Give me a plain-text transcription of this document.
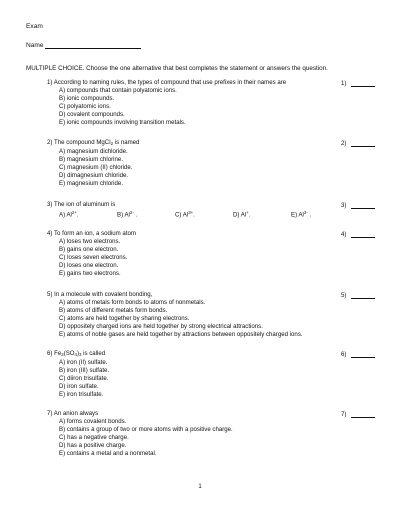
Exam
Name
MULTIPLE CHOICE. Choose the one alternative that best completes the statement or answers the question.
1) According to naming rules, the types of compound that use prefixes in their names are
A) compounds that contain polyatomic ions.
B) ionic compounds.
C) polyatomic ions.
D) covalent compounds.
E) ionic compounds involving transition metals.
1)
2) The compound MgCl$_2$ is named
A) magnesium dichloride.
B) magnesium chlorine.
C) magnesium (II) chloride.
D) dimagnesium chloride.
E) magnesium chloride.
2)
3) The ion of aluminum is
A) $Al^{2+}$.	B) $Al^{2-}$ .	C) $Al^{3+}$.	D) Al+.	E) $Al^{3-}$ .
3)
4) To form an ion, a sodium atom
A) loses two electrons.
B) gains one electron.
C) loses seven electrons.
D) loses one electron.
E) gains two electrons.
4)
5) In a molecule with covalent bonding,
A) atoms of metals form bonds to atoms of nonmetals.
B) atoms of different metals form bonds.
C) atoms are held together by sharing electrons.
D) oppositely charged ions are held together by strong electrical attractions.
E) atoms of noble gases are held together by attractions between oppositely charged ions.
5)
6) $Fe_2(SO_4)_3$ is called
A) iron (II) sulfate.
B) iron (III) sulfate.
C) diiron trisulfate.
D) iron sulfate.
E) iron trisulfate.
6)
7) An anion always
A) forms covalent bonds.
B) contains a group of two or more atoms with a positive charge.
C) has a negative charge.
D) has a positive charge.
E) contains a metal and a nonmetal.
7)
1
